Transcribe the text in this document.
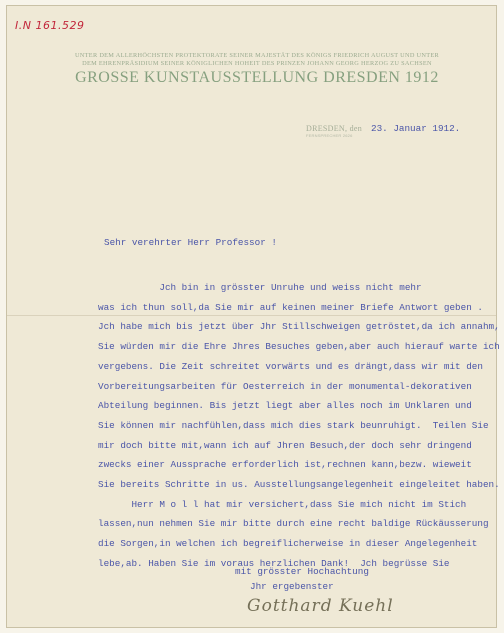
I.N 161.529
UNTER DEM ALLERHÖCHSTEN PROTEKTORATE SEINER MAJESTÄT DES KÖNIGS FRIEDRICH AUGUST UND UNTER
DEM EHRENPRÄSIDIUM SEINER KÖNIGLICHEN HOHEIT DES PRINZEN JOHANN GEORG HERZOG ZU SACHSEN
GROSSE KUNSTAUSSTELLUNG DRESDEN 1912
DRESDEN, den
FERNSPRECHER 2626
23. Januar 1912.
Sehr verehrter Herr Professor !
Jch bin in grösster Unruhe und weiss nicht mehr
was ich thun soll,da Sie mir auf keinen meiner Briefe Antwort geben .
Jch habe mich bis jetzt über Jhr Stillschweigen getröstet,da ich annahm,
Sie würden mir die Ehre Jhres Besuches geben,aber auch hierauf warte ich
vergebens. Die Zeit schreitet vorwärts und es drängt,dass wir mit den
Vorbereitungsarbeiten für Oesterreich in der monumental-dekorativen
Abteilung beginnen. Bis jetzt liegt aber alles noch im Unklaren und
Sie können mir nachfühlen,dass mich dies stark beunruhigt.  Teilen Sie
mir doch bitte mit,wann ich auf Jhren Besuch,der doch sehr dringend
zwecks einer Aussprache erforderlich ist,rechnen kann,bezw. wieweit
Sie bereits Schritte in us. Ausstellungsangelegenheit eingeleitet haben.
Herr M o l l hat mir versichert,dass Sie mich nicht im Stich
lassen,nun nehmen Sie mir bitte durch eine recht baldige Rückäusserung
die Sorgen,in welchen ich begreiflicherweise in dieser Angelegenheit
lebe,ab. Haben Sie im voraus herzlichen Dank!  Jch begrüsse Sie
mit grösster Hochachtung
Jhr ergebenster
Gotthard Kuehl
